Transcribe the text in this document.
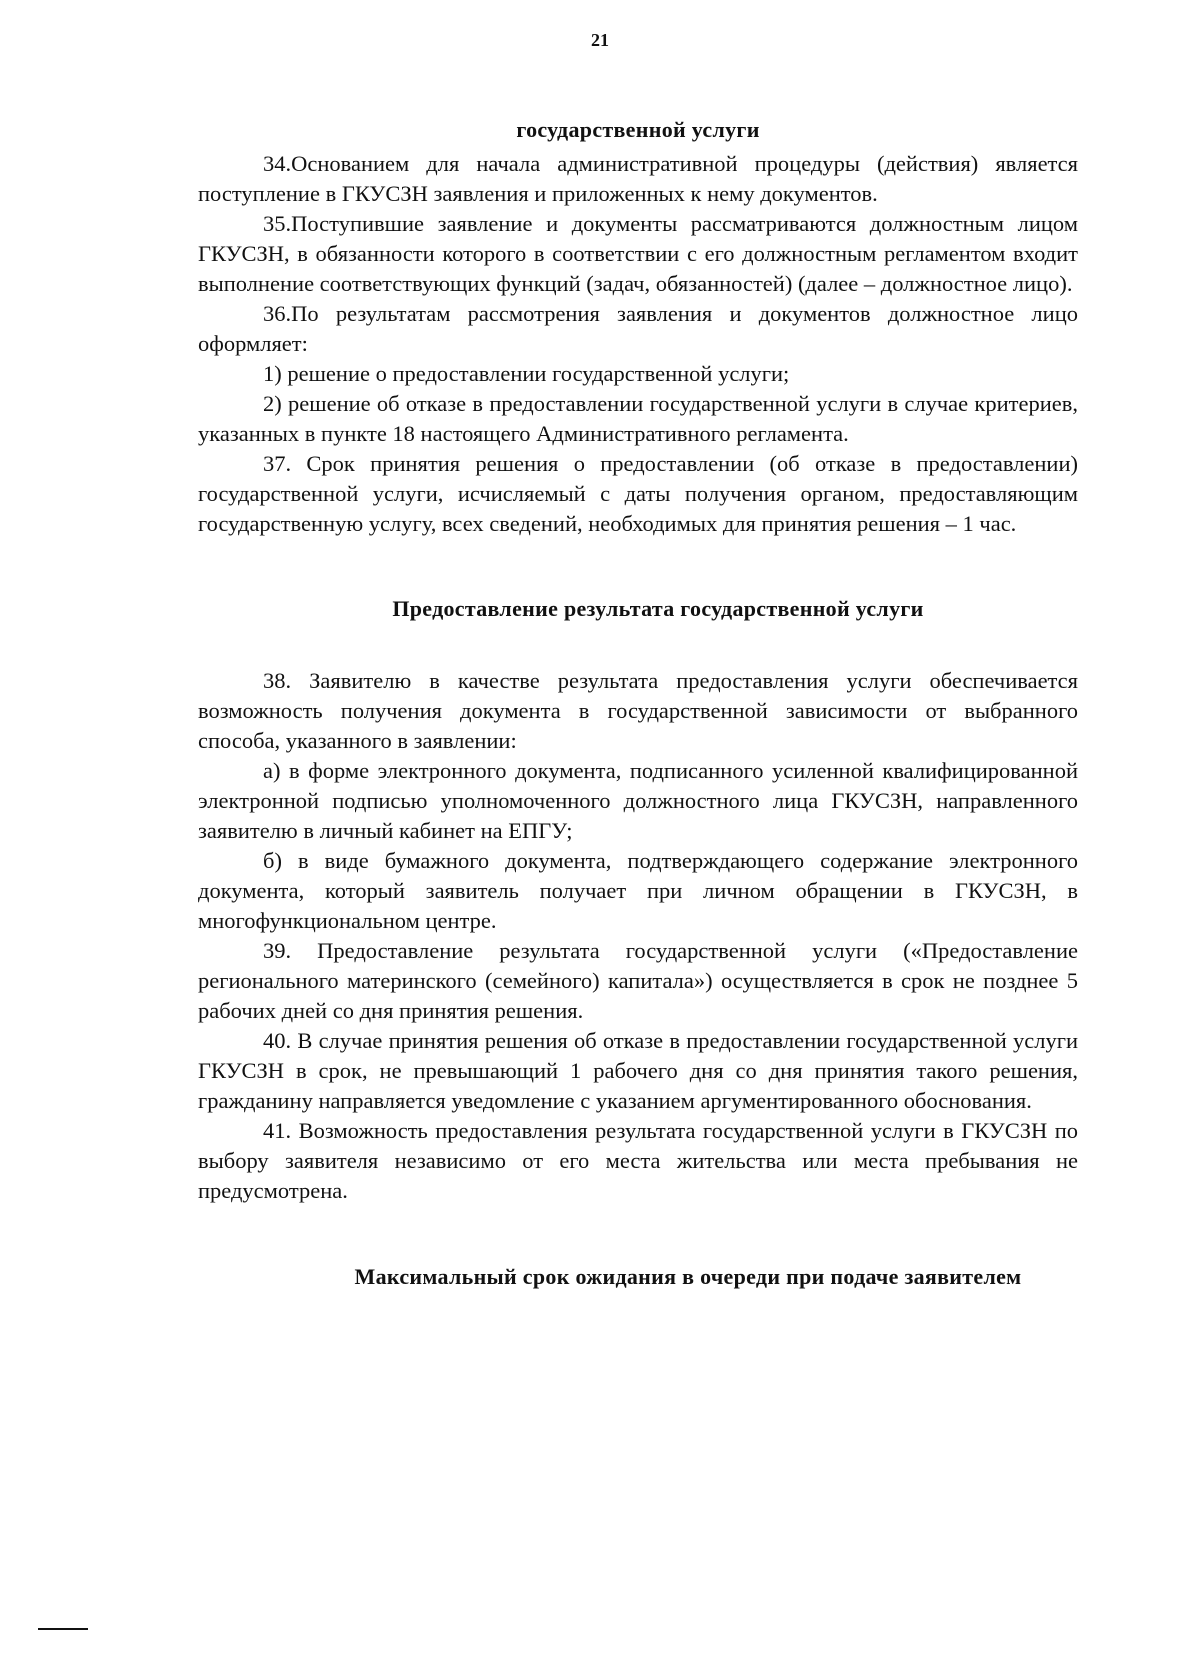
21
государственной услуги

34.Основанием для начала административной процедуры (действия) является поступление в ГКУСЗН заявления и приложенных к нему документов.

35.Поступившие заявление и документы рассматриваются должностным лицом ГКУСЗН, в обязанности которого в соответствии с его должностным регламентом входит выполнение соответствующих функций (задач, обязанностей) (далее – должностное лицо).

36.По результатам рассмотрения заявления и документов должностное лицо оформляет:

1) решение о предоставлении государственной услуги;

2) решение об отказе в предоставлении государственной услуги в случае критериев, указанных в пункте 18 настоящего Административного регламента.

37. Срок принятия решения о предоставлении (об отказе в предоставлении) государственной услуги, исчисляемый с даты получения органом, предоставляющим государственную услугу, всех сведений, необходимых для принятия решения – 1 час.

Предоставление результата государственной услуги

38. Заявителю в качестве результата предоставления услуги обеспечивается возможность получения документа в государственной зависимости от выбранного способа, указанного в заявлении:

а) в форме электронного документа, подписанного усиленной квалифицированной электронной подписью уполномоченного должностного лица ГКУСЗН, направленного заявителю в личный кабинет на ЕПГУ;

б) в виде бумажного документа, подтверждающего содержание электронного документа, который заявитель получает при личном обращении в ГКУСЗН, в многофункциональном центре.

39. Предоставление результата государственной услуги («Предоставление регионального материнского (семейного) капитала») осуществляется в срок не позднее 5 рабочих дней со дня принятия решения.

40. В случае принятия решения об отказе в предоставлении государственной услуги ГКУСЗН в срок, не превышающий 1 рабочего дня со дня принятия такого решения, гражданину направляется уведомление с указанием аргументированного обоснования.

41. Возможность предоставления результата государственной услуги в ГКУСЗН по выбору заявителя независимо от его места жительства или места пребывания не предусмотрена.

Максимальный срок ожидания в очереди при подаче заявителем
